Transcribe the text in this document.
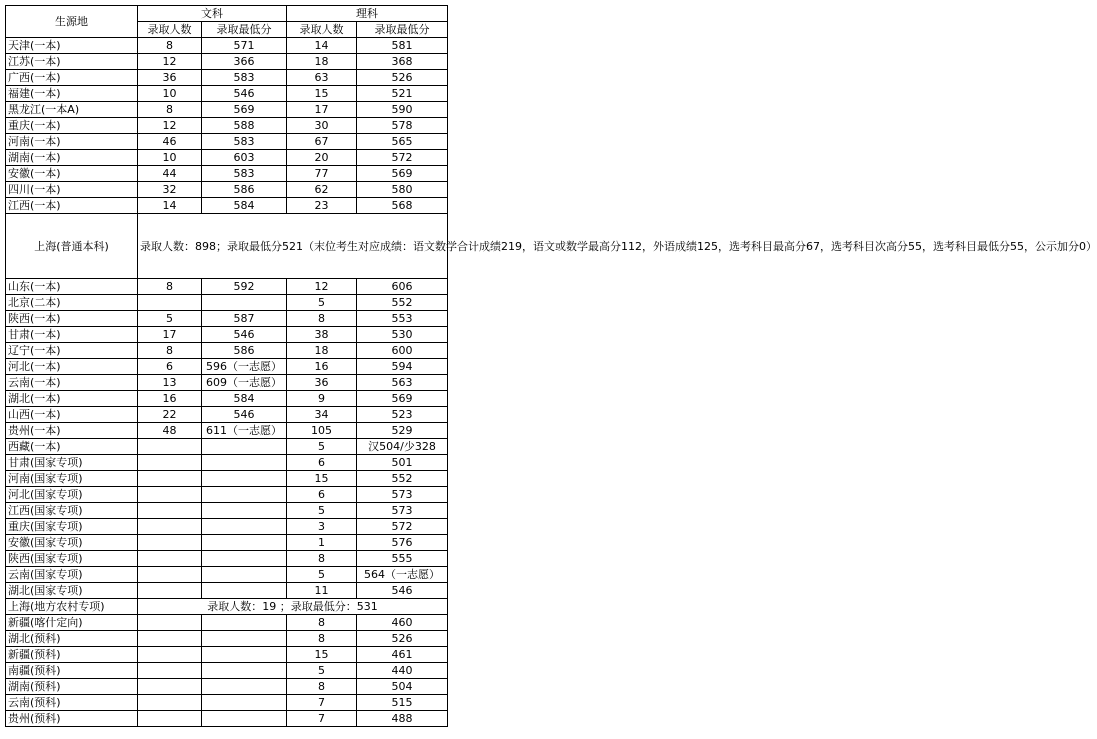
生源地	文科		理科	
	录取人数	录取最低分	录取人数	录取最低分
天津(一本)	8	571	14	581
江苏(一本)	12	366	18	368
广西(一本)	36	583	63	526
福建(一本)	10	546	15	521
黑龙江(一本A)	8	569	17	590
重庆(一本)	12	588	30	578
河南(一本)	46	583	67	565
湖南(一本)	10	603	20	572
安徽(一本)	44	583	77	569
四川(一本)	32	586	62	580
江西(一本)	14	584	23	568
上海(普通本科)	录取人数：898；录取最低分521（末位考生对应成绩：语文数学合计成绩219，语文或数学最高分112，外语成绩125，选考科目最高分67，选考科目次高分55，选考科目最低分55，公示加分0）			
山东(一本)	8	592	12	606
北京(二本)			5	552
陕西(一本)	5	587	8	553
甘肃(一本)	17	546	38	530
辽宁(一本)	8	586	18	600
河北(一本)	6	596（一志愿）	16	594
云南(一本)	13	609（一志愿）	36	563
湖北(一本)	16	584	9	569
山西(一本)	22	546	34	523
贵州(一本)	48	611（一志愿）	105	529
西藏(一本)			5	汉504/少328
甘肃(国家专项)			6	501
河南(国家专项)			15	552
河北(国家专项)			6	573
江西(国家专项)			5	573
重庆(国家专项)			3	572
安徽(国家专项)			1	576
陕西(国家专项)			8	555
云南(国家专项)			5	564（一志愿）
湖北(国家专项)			11	546
上海(地方农村专项)	录取人数：19 ；录取最低分：531			
新疆(喀什定向)			8	460
湖北(预科)			8	526
新疆(预科)			15	461
南疆(预科)			5	440
湖南(预科)			8	504
云南(预科)			7	515
贵州(预科)			7	488
